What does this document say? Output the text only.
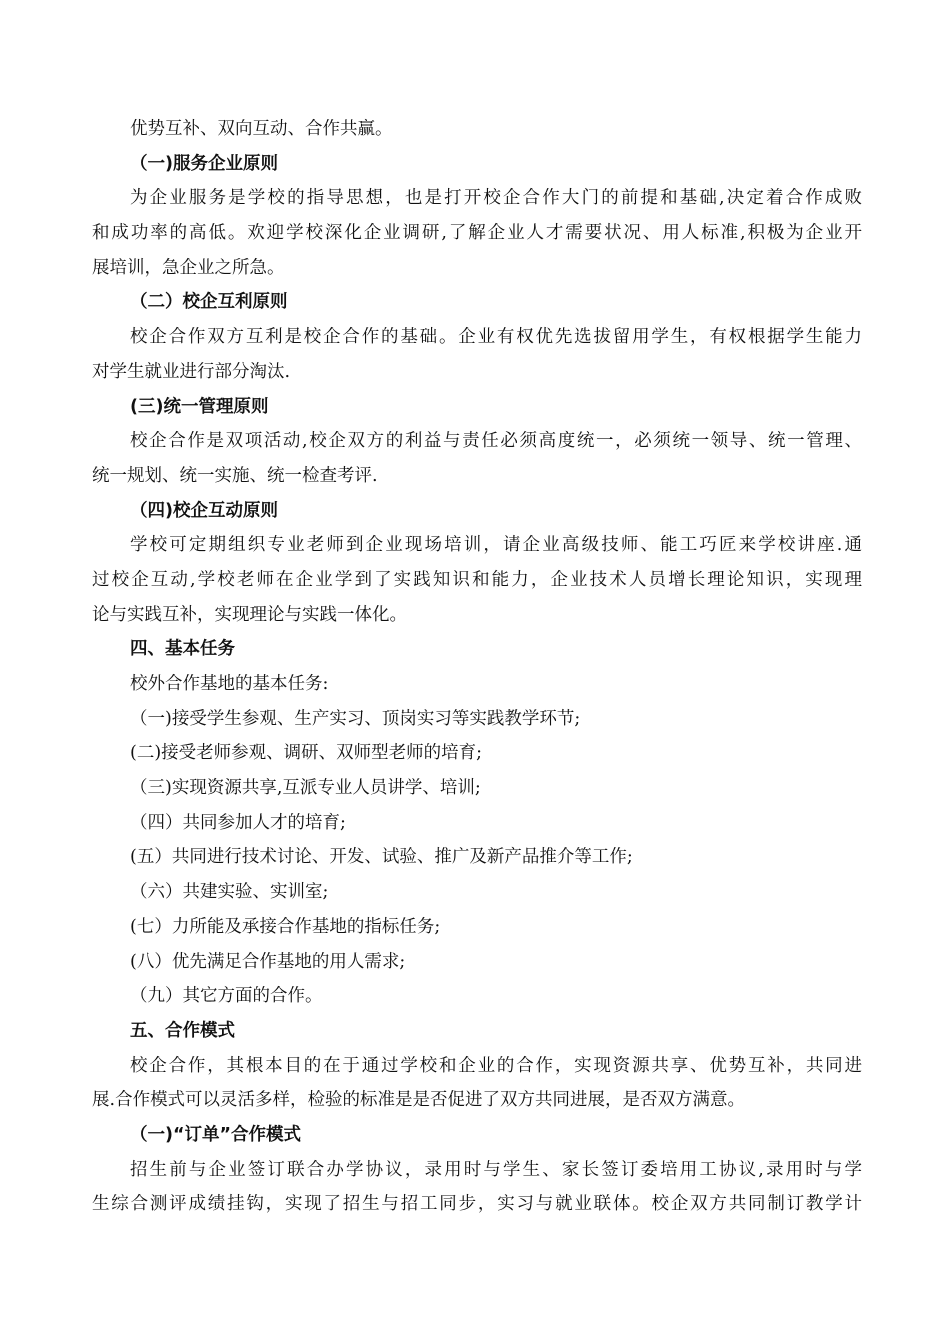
优势互补、双向互动、合作共赢。
（一)服务企业原则
为企业服务是学校的指导思想，也是打开校企合作大门的前提和基础,决定着合作成败
和成功率的高低。欢迎学校深化企业调研,了解企业人才需要状况、用人标准,积极为企业开
展培训，急企业之所急。
（二）校企互利原则
校企合作双方互利是校企合作的基础。企业有权优先选拔留用学生，有权根据学生能力
对学生就业进行部分淘汰.
(三)统一管理原则
校企合作是双项活动,校企双方的利益与责任必须高度统一，必须统一领导、统一管理、
统一规划、统一实施、统一检查考评.
（四)校企互动原则
学校可定期组织专业老师到企业现场培训，请企业高级技师、能工巧匠来学校讲座.通
过校企互动,学校老师在企业学到了实践知识和能力，企业技术人员增长理论知识，实现理
论与实践互补，实现理论与实践一体化。
四、基本任务
校外合作基地的基本任务:
（一)接受学生参观、生产实习、顶岗实习等实践教学环节;
(二)接受老师参观、调研、双师型老师的培育;
（三)实现资源共享,互派专业人员讲学、培训;
（四）共同参加人才的培育;
(五）共同进行技术讨论、开发、试验、推广及新产品推介等工作;
（六）共建实验、实训室;
(七）力所能及承接合作基地的指标任务;
(八）优先满足合作基地的用人需求;
（九）其它方面的合作。
五、合作模式
校企合作，其根本目的在于通过学校和企业的合作，实现资源共享、优势互补，共同进
展.合作模式可以灵活多样，检验的标准是是否促进了双方共同进展，是否双方满意。
（一)“订单”合作模式
招生前与企业签订联合办学协议，录用时与学生、家长签订委培用工协议,录用时与学
生综合测评成绩挂钩，实现了招生与招工同步，实习与就业联体。校企双方共同制订教学计
